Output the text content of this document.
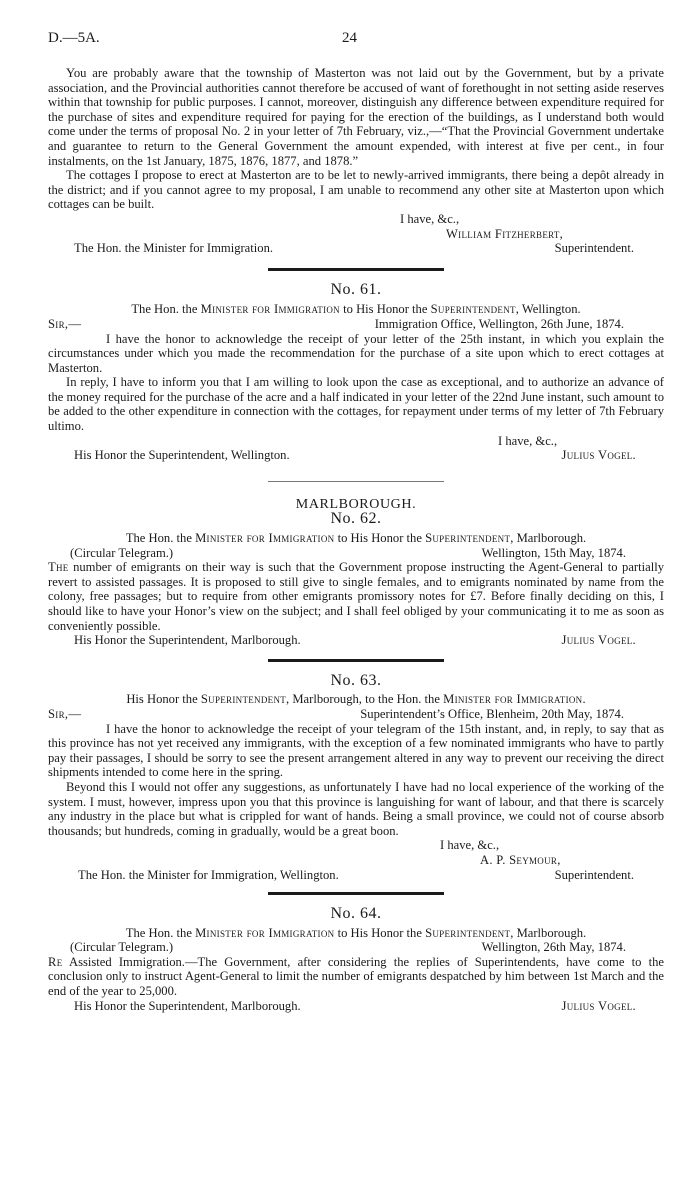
D.—5A.	24

You are probably aware that the township of Masterton was not laid out by the Government, but by a private association, and the Provincial authorities cannot therefore be accused of want of forethought in not setting aside reserves within that township for public purposes. I cannot, moreover, distinguish any difference between expenditure required for the purchase of sites and expenditure required for paying for the erection of the buildings, as I understand both would come under the terms of proposal No. 2 in your letter of 7th February, viz.,—“That the Provincial Government undertake and guarantee to return to the General Government the amount expended, with interest at five per cent., in four instalments, on the 1st January, 1875, 1876, 1877, and 1878.”

The cottages I propose to erect at Masterton are to be let to newly-arrived immigrants, there being a depôt already in the district; and if you cannot agree to my proposal, I am unable to recommend any other site at Masterton upon which cottages can be built.

I have, &c.,
William Fitzherbert,
The Hon. the Minister for Immigration.	Superintendent.
No. 61.
The Hon. the Minister for Immigration to His Honor the Superintendent, Wellington.
Sir,—	Immigration Office, Wellington, 26th June, 1874.

I have the honor to acknowledge the receipt of your letter of the 25th instant, in which you explain the circumstances under which you made the recommendation for the purchase of a site upon which to erect cottages at Masterton.

In reply, I have to inform you that I am willing to look upon the case as exceptional, and to authorize an advance of the money required for the purchase of the acre and a half indicated in your letter of the 22nd June instant, such amount to be added to the other expenditure in connection with the cottages, for repayment under terms of my letter of 7th February ultimo.

I have, &c.,
His Honor the Superintendent, Wellington.	Julius Vogel.
MARLBOROUGH.
No. 62.
The Hon. the Minister for Immigration to His Honor the Superintendent, Marlborough.
(Circular Telegram.)	Wellington, 15th May, 1874.

The number of emigrants on their way is such that the Government propose instructing the Agent-General to partially revert to assisted passages. It is proposed to still give to single females, and to emigrants nominated by name from the colony, free passages; but to require from other emigrants promissory notes for £7. Before finally deciding on this, I should like to have your Honor’s view on the subject; and I shall feel obliged by your communicating it to me as soon as conveniently possible.

His Honor the Superintendent, Marlborough.	Julius Vogel.
No. 63.
His Honor the Superintendent, Marlborough, to the Hon. the Minister for Immigration.
Sir,—	Superintendent’s Office, Blenheim, 20th May, 1874.

I have the honor to acknowledge the receipt of your telegram of the 15th instant, and, in reply, to say that as this province has not yet received any immigrants, with the exception of a few nominated immigrants who have to partly pay their passages, I should be sorry to see the present arrangement altered in any way to prevent our receiving the direct shipments intended to come here in the spring.

Beyond this I would not offer any suggestions, as unfortunately I have had no local experience of the working of the system. I must, however, impress upon you that this province is languishing for want of labour, and that there is scarcely any industry in the place but what is crippled for want of hands. Being a small province, we could not of course absorb thousands; but hundreds, coming in gradually, would be a great boon.

I have, &c.,
A. P. Seymour,
The Hon. the Minister for Immigration, Wellington.	Superintendent.
No. 64.
The Hon. the Minister for Immigration to His Honor the Superintendent, Marlborough.
(Circular Telegram.)	Wellington, 26th May, 1874.

Re Assisted Immigration.—The Government, after considering the replies of Superintendents, have come to the conclusion only to instruct Agent-General to limit the number of emigrants despatched by him between 1st March and the end of the year to 25,000.

His Honor the Superintendent, Marlborough.	Julius Vogel.
